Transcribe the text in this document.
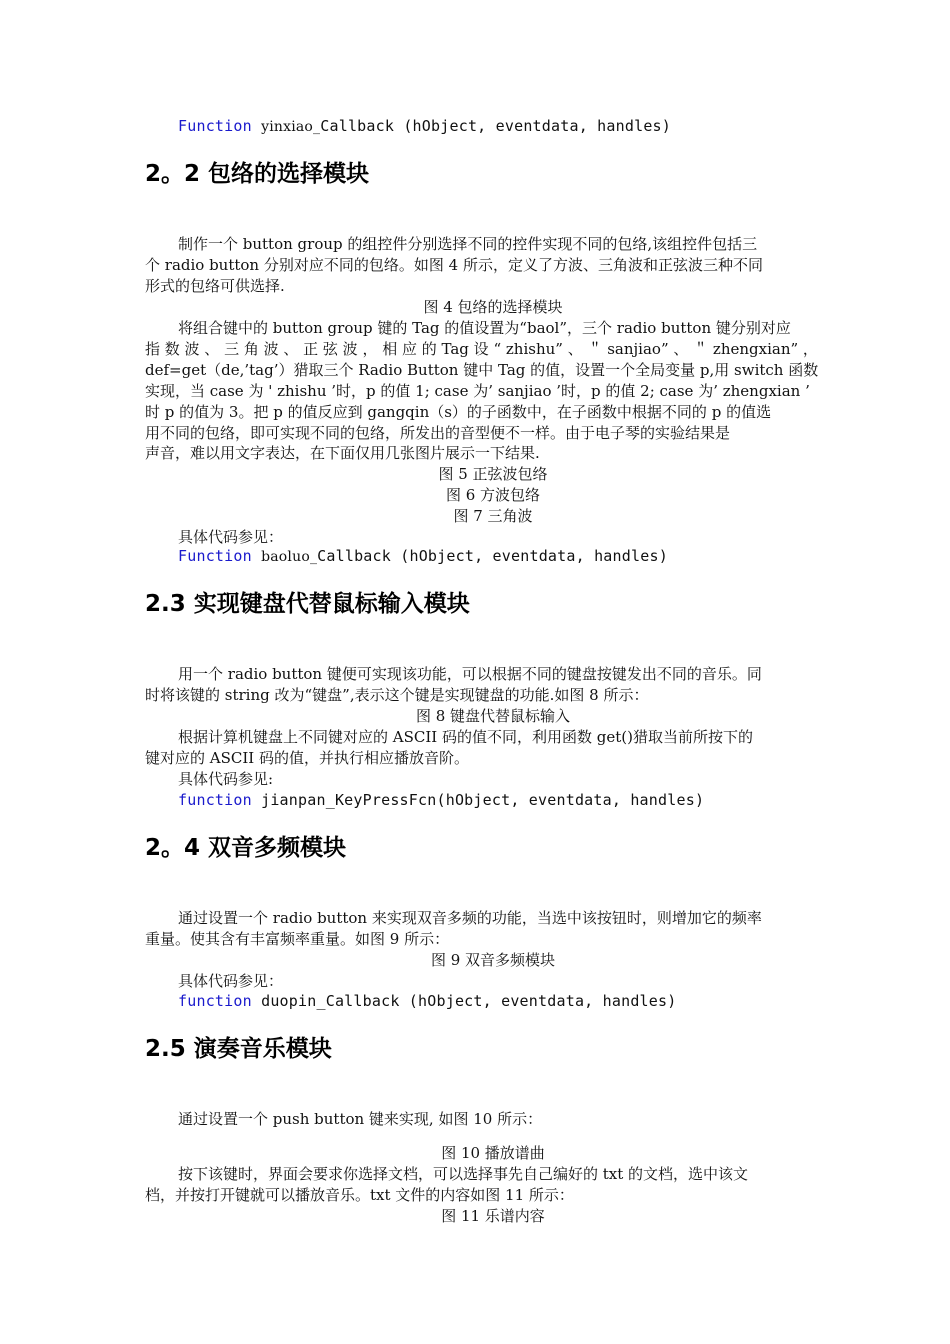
Function yinxiao_Callback (hObject, eventdata, handles)
2。2 包络的选择模块
制作一个 button group 的组控件分别选择不同的控件实现不同的包络,该组控件包括三
个 radio button 分别对应不同的包络。如图 4 所示，定义了方波、三角波和正弦波三种不同
形式的包络可供选择.
图 4 包络的选择模块
将组合键中的 button group 键的 Tag 的值设置为“baol”，三个 radio button 键分别对应
指 数 波 、 三 角 波 、 正 弦 波 ， 相 应 的 Tag 设 “ zhishu” 、 ＂ sanjiao” 、 ＂ zhengxian” ，
def=get（de,’tag’）猎取三个 Radio Button 键中 Tag 的值，设置一个全局变量 p,用 switch 函数
实现，当 case 为 ' zhishu ’时，p 的值 1; case 为’ sanjiao ’时，p 的值 2; case 为’ zhengxian ’
时 p 的值为 3。把 p 的值反应到 gangqin（s）的子函数中，在子函数中根据不同的 p 的值选
用不同的包络，即可实现不同的包络，所发出的音型便不一样。由于电子琴的实验结果是
声音，难以用文字表达，在下面仅用几张图片展示一下结果.
图 5 正弦波包络
图 6 方波包络
图 7 三角波
具体代码参见：
Function baoluo_Callback (hObject, eventdata, handles)
2.3 实现键盘代替鼠标输入模块
用一个 radio button 键便可实现该功能，可以根据不同的键盘按键发出不同的音乐。同
时将该键的 string 改为“键盘”,表示这个键是实现键盘的功能.如图 8 所示：
图 8 键盘代替鼠标输入
根据计算机键盘上不同键对应的 ASCII 码的值不同，利用函数 get()猎取当前所按下的
键对应的 ASCII 码的值，并执行相应播放音阶。
具体代码参见:
function jianpan_KeyPressFcn(hObject, eventdata, handles)
2。4 双音多频模块
通过设置一个 radio button 来实现双音多频的功能，当选中该按钮时，则增加它的频率
重量。使其含有丰富频率重量。如图 9 所示：
图 9 双音多频模块
具体代码参见：
function duopin_Callback (hObject, eventdata, handles)
2.5 演奏音乐模块
通过设置一个 push button 键来实现, 如图 10 所示：
图 10 播放谱曲
按下该键时，界面会要求你选择文档，可以选择事先自己编好的 txt 的文档，选中该文
档，并按打开键就可以播放音乐。txt 文件的内容如图 11 所示：
图 11 乐谱内容
